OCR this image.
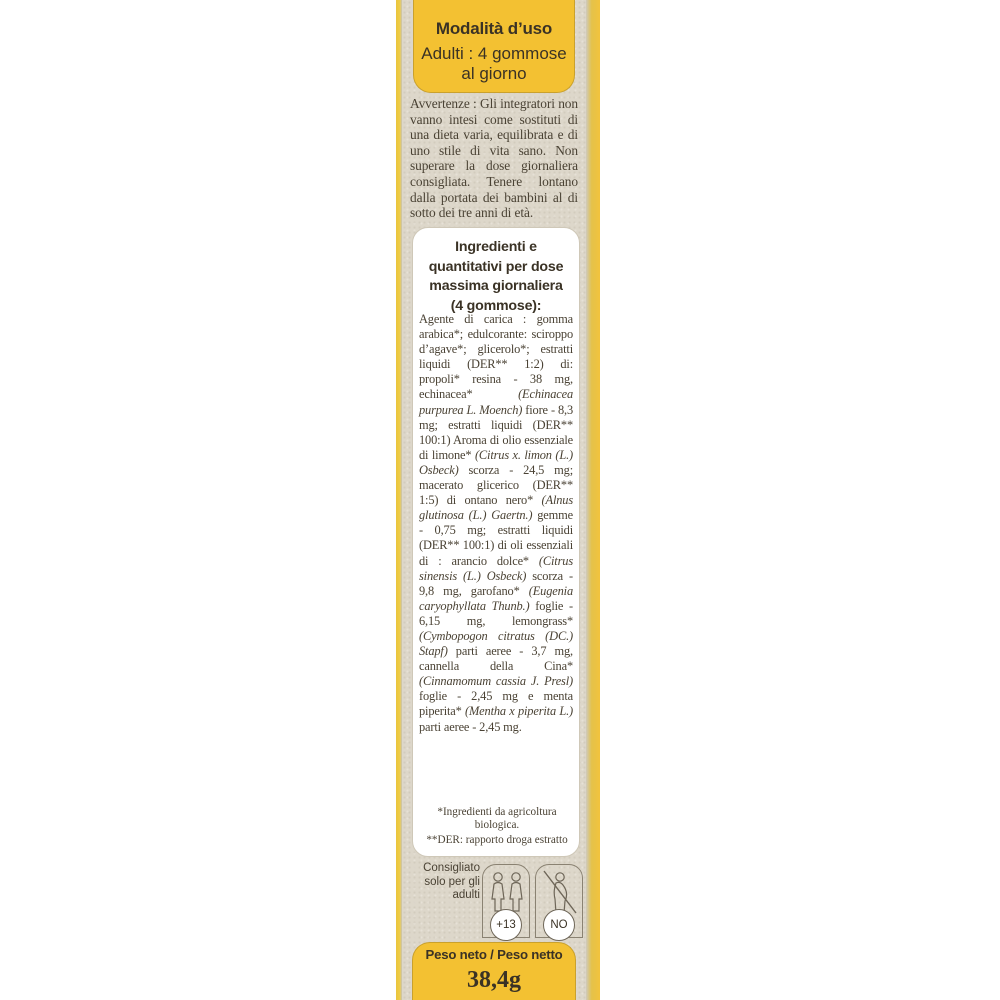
Modalità d’uso
Adulti : 4 gommose
al giorno
Avvertenze : Gli integratori non vanno intesi come sostituti di una dieta varia, equilibrata e di uno stile di vita sano. Non superare la dose giornaliera consigliata. Tenere lontano dalla portata dei bambini al di sotto dei tre anni di età.
Ingredienti e
quantitativi per dose
massima giornaliera
(4 gommose):
Agente di carica : gomma arabica*; edulcorante: sciroppo d’agave*; glicerolo*; estratti liquidi (DER** 1:2) di: propoli* resina - 38 mg, echinacea* (Echinacea purpurea L. Moench) fiore - 8,3 mg; estratti liquidi (DER** 100:1) Aroma di olio essenziale di limone* (Citrus x. limon (L.) Osbeck) scorza - 24,5 mg; macerato glicerico (DER** 1:5) di ontano nero* (Alnus glutinosa (L.) Gaertn.) gemme - 0,75 mg; estratti liquidi (DER** 100:1) di oli essenziali di : arancio dolce* (Citrus sinensis (L.) Osbeck) scorza - 9,8 mg, garofano* (Eugenia caryophyllata Thunb.) foglie - 6,15 mg, lemongrass* (Cymbopogon citratus (DC.) Stapf) parti aeree - 3,7 mg, cannella della Cina* (Cinnamomum cassia J. Presl) foglie - 2,45 mg e menta piperita* (Mentha x piperita L.) parti aeree - 2,45 mg.
*Ingredienti da agricoltura biologica.
**DER: rapporto droga estratto
Consigliato solo per gli adulti
+13	NO
Peso neto / Peso netto
38,4g
